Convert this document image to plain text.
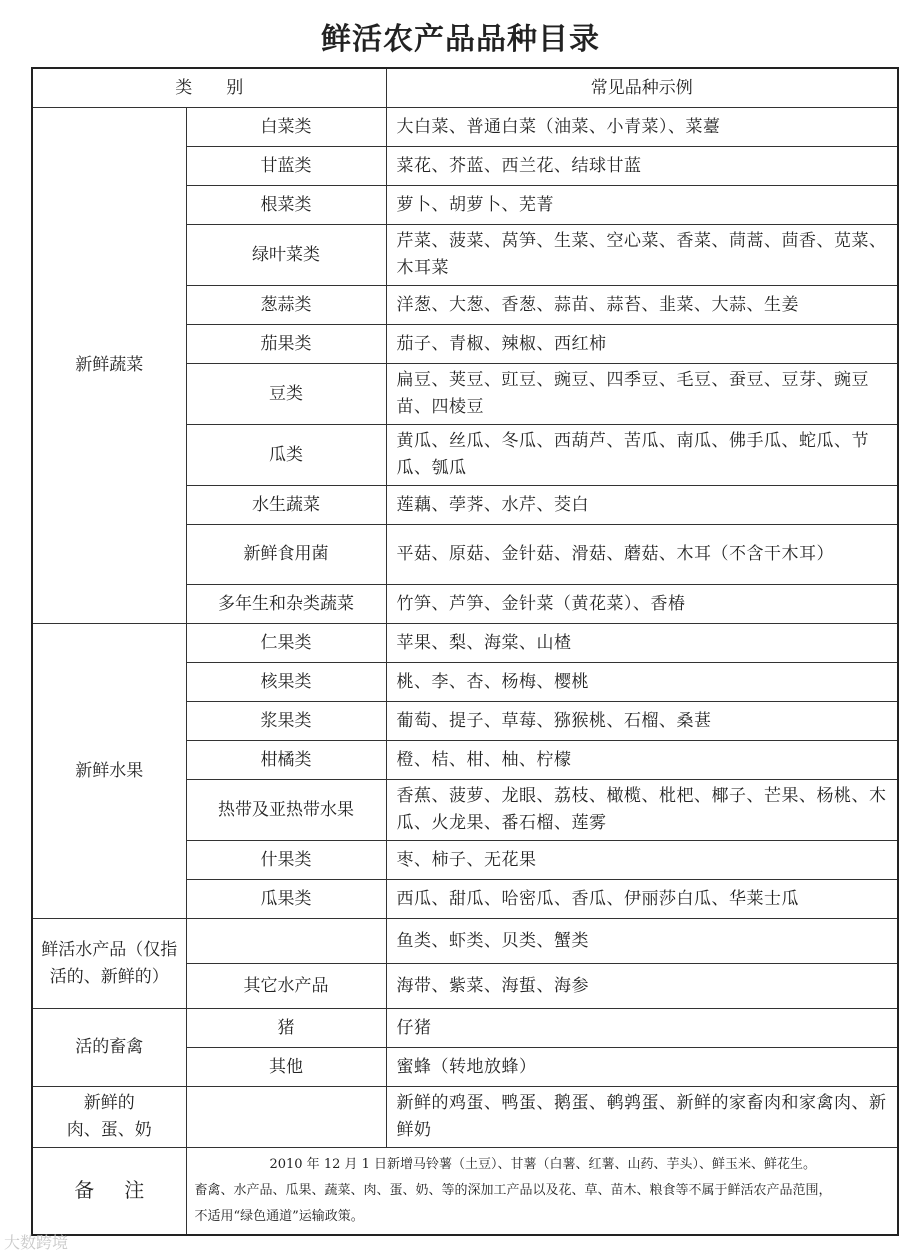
鲜活农产品品种目录
类别		常见品种示例
新鲜蔬菜	白菜类	大白菜、普通白菜（油菜、小青菜）、菜薹
	甘蓝类	菜花、芥蓝、西兰花、结球甘蓝
	根菜类	萝卜、胡萝卜、芜菁
	绿叶菜类	芹菜、菠菜、莴笋、生菜、空心菜、香菜、茼蒿、茴香、苋菜、木耳菜
	葱蒜类	洋葱、大葱、香葱、蒜苗、蒜苔、韭菜、大蒜、生姜
	茄果类	茄子、青椒、辣椒、西红柿
	豆类	扁豆、荚豆、豇豆、豌豆、四季豆、毛豆、蚕豆、豆芽、豌豆苗、四棱豆
	瓜类	黄瓜、丝瓜、冬瓜、西葫芦、苦瓜、南瓜、佛手瓜、蛇瓜、节瓜、瓠瓜
	水生蔬菜	莲藕、荸荠、水芹、茭白
	新鲜食用菌	平菇、原菇、金针菇、滑菇、蘑菇、木耳（不含干木耳）
	多年生和杂类蔬菜	竹笋、芦笋、金针菜（黄花菜）、香椿
新鲜水果	仁果类	苹果、梨、海棠、山楂
	核果类	桃、李、杏、杨梅、樱桃
	浆果类	葡萄、提子、草莓、猕猴桃、石榴、桑葚
	柑橘类	橙、桔、柑、柚、柠檬
	热带及亚热带水果	香蕉、菠萝、龙眼、荔枝、橄榄、枇杷、椰子、芒果、杨桃、木瓜、火龙果、番石榴、莲雾
	什果类	枣、柿子、无花果
	瓜果类	西瓜、甜瓜、哈密瓜、香瓜、伊丽莎白瓜、华莱士瓜
鲜活水产品（仅指活的、新鲜的）		鱼类、虾类、贝类、蟹类
	其它水产品	海带、紫菜、海蜇、海参
活的畜禽	猪	仔猪
	其他	蜜蜂（转地放蜂）

新鲜的
肉、蛋、奶		新鲜的鸡蛋、鸭蛋、鹅蛋、鹌鹑蛋、新鲜的家畜肉和家禽肉、新鲜奶
备注	2010 年 12 月 1 日新增马铃薯（土豆）、甘薯（白薯、红薯、山药、芋头）、鲜玉米、鲜花生。
畜禽、水产品、瓜果、蔬菜、肉、蛋、奶、等的深加工产品以及花、草、苗木、粮食等不属于鲜活农产品范围，
不适用“绿色通道”运输政策。	
大数跨境
